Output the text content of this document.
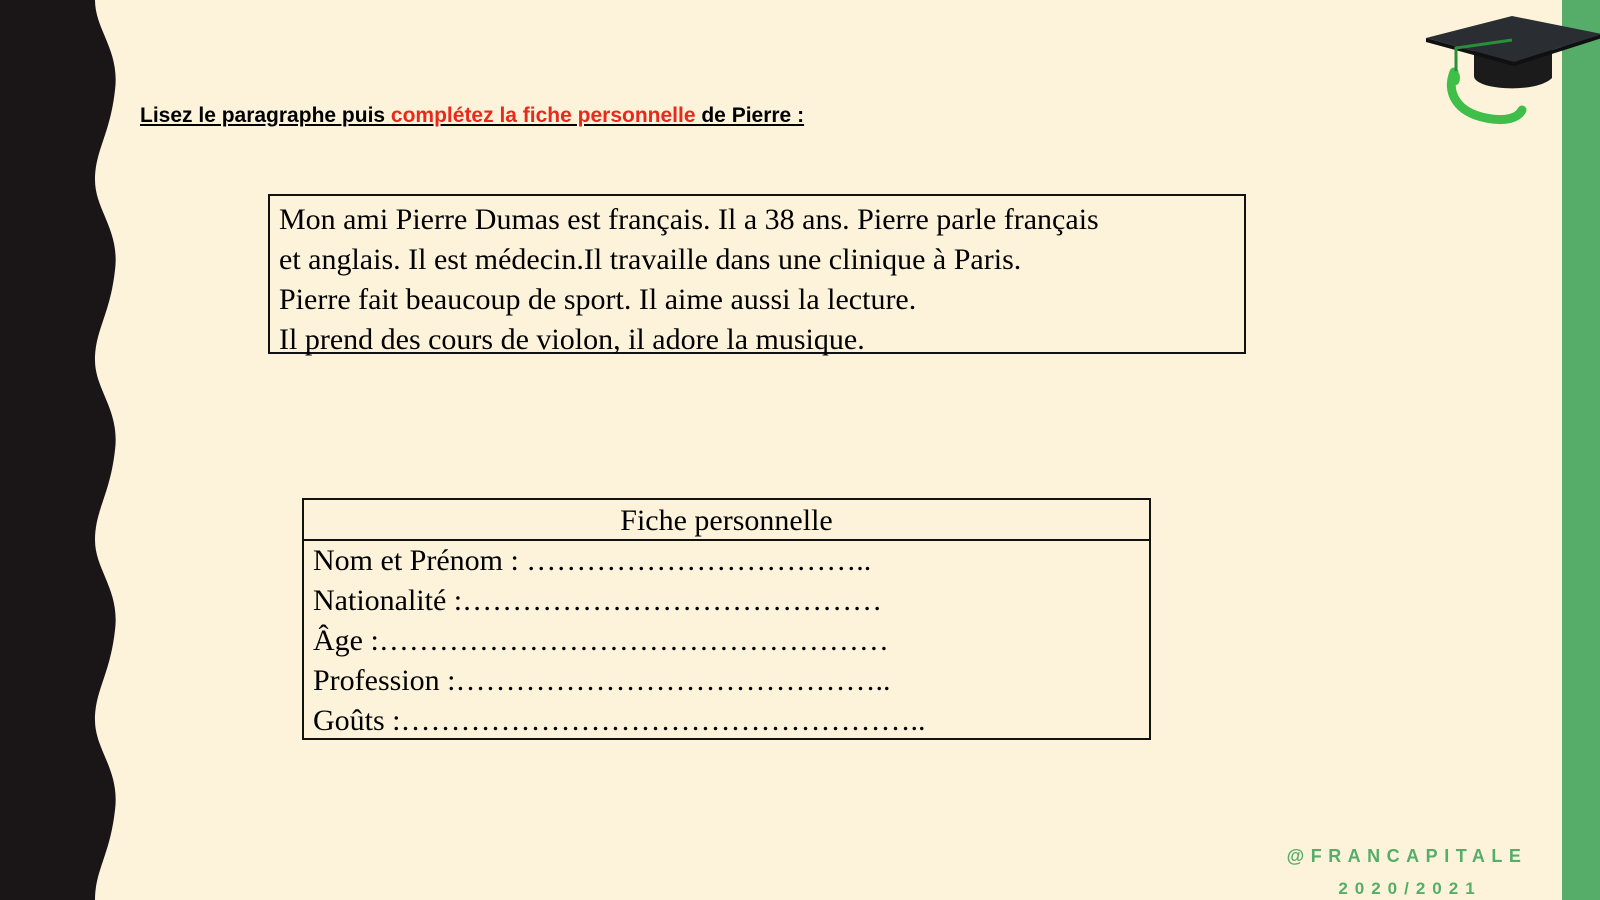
Lisez le paragraphe puis complétez la fiche personnelle de Pierre :

Mon ami Pierre Dumas est français. Il a 38 ans. Pierre parle français
et anglais. Il est médecin.Il travaille dans une clinique à Paris.
Pierre fait beaucoup de sport. Il aime aussi la lecture.
Il prend des cours de violon, il adore la musique.
Fiche personnelle
Nom et Prénom : ……………………………..
Nationalité :……………………………………
Âge :……………………………………………
Profession :……………………………………..
Goûts :……………………………………………..
@FRANCAPITALE
2020/2021
